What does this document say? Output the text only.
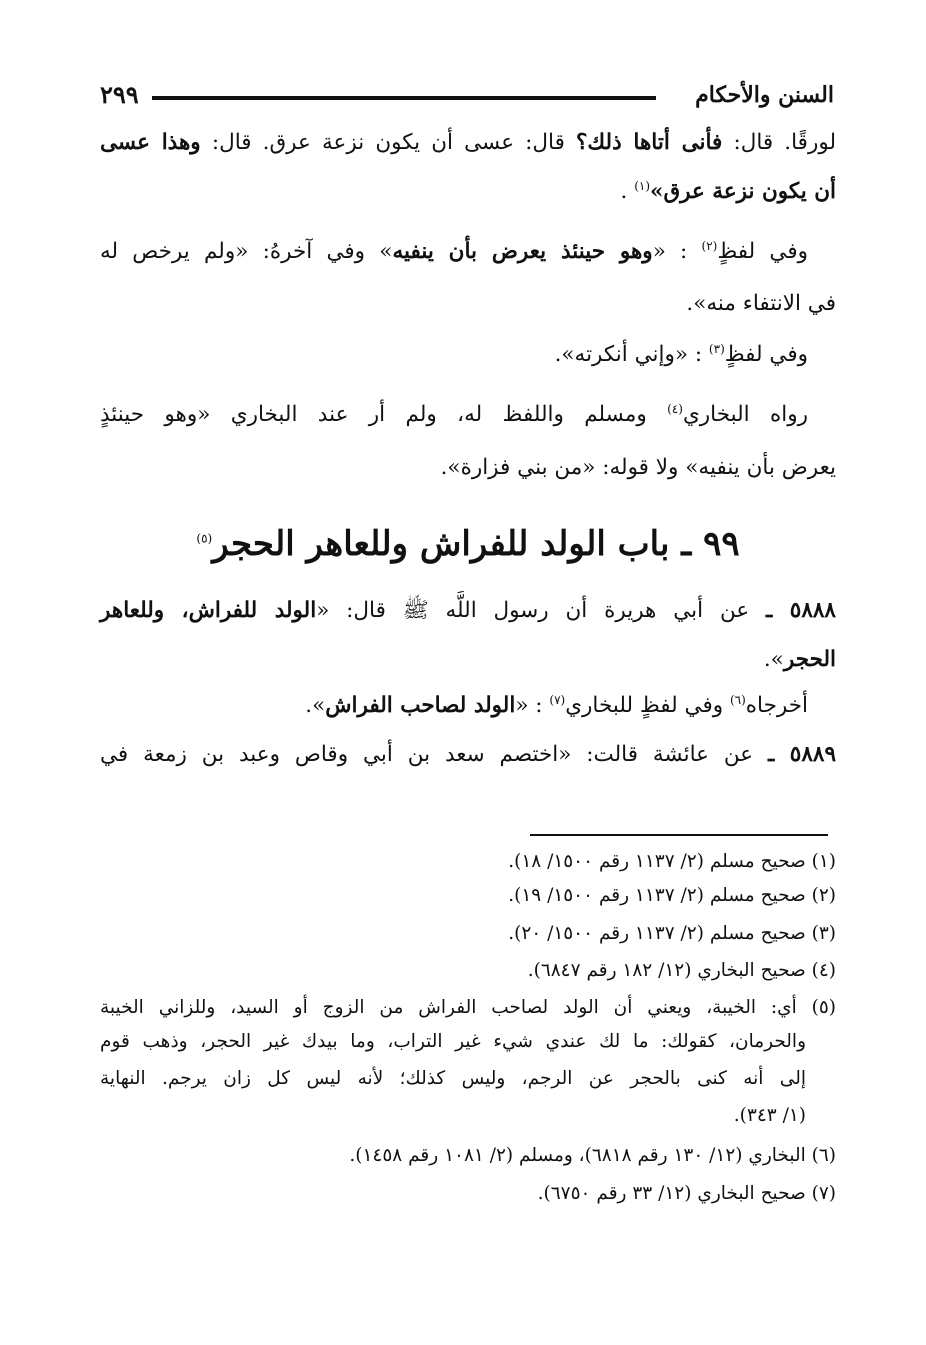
السنن والأحكام
٢٩٩
لورقًا. قال: فأنى أتاها ذلك؟ قال: عسى أن يكون نزعة عرق. قال: وهذا عسى
أن يكون نزعة عرق»$^{(١)}$ .
وفي لفظٍ$^{(٢)}$ : «وهو حينئذ يعرض بأن ينفيه» وفي آخرهُ: «ولم يرخص له
في الانتفاء منه».
وفي لفظٍ$^{(٣)}$ : «وإني أنكرته».
رواه البخاري$^{(٤)}$ ومسلم واللفظ له، ولم أر عند البخاري «وهو حينئذٍ
يعرض بأن ينفيه» ولا قوله: «من بني فزارة».
٩٩ ـ باب الولد للفراش وللعاهر الحجر$^{(٥)}$
٥٨٨٨ ـ عن أبي هريرة أن رسول اللَّه ﷺ قال: «الولد للفراش، وللعاهر
الحجر».
أخرجاه$^{(٦)}$ وفي لفظٍ للبخاري$^{(٧)}$ : «الولد لصاحب الفراش».
٥٨٨٩ ـ عن عائشة قالت: «اختصم سعد بن أبي وقاص وعبد بن زمعة في
(١) صحيح مسلم (٢/ ١١٣٧ رقم ١٥٠٠/ ١٨).
(٢) صحيح مسلم (٢/ ١١٣٧ رقم ١٥٠٠/ ١٩).
(٣) صحيح مسلم (٢/ ١١٣٧ رقم ١٥٠٠/ ٢٠).
(٤) صحيح البخاري (١٢/ ١٨٢ رقم ٦٨٤٧).
(٥) أي: الخيبة، ويعني أن الولد لصاحب الفراش من الزوج أو السيد، وللزاني الخيبة
والحرمان، كقولك: ما لك عندي شيء غير التراب، وما بيدك غير الحجر، وذهب قوم
إلى أنه كنى بالحجر عن الرجم، وليس كذلك؛ لأنه ليس كل زان يرجم. النهاية
(١/ ٣٤٣).
(٦) البخاري (١٢/ ١٣٠ رقم ٦٨١٨)، ومسلم (٢/ ١٠٨١ رقم ١٤٥٨).
(٧) صحيح البخاري (١٢/ ٣٣ رقم ٦٧٥٠).
